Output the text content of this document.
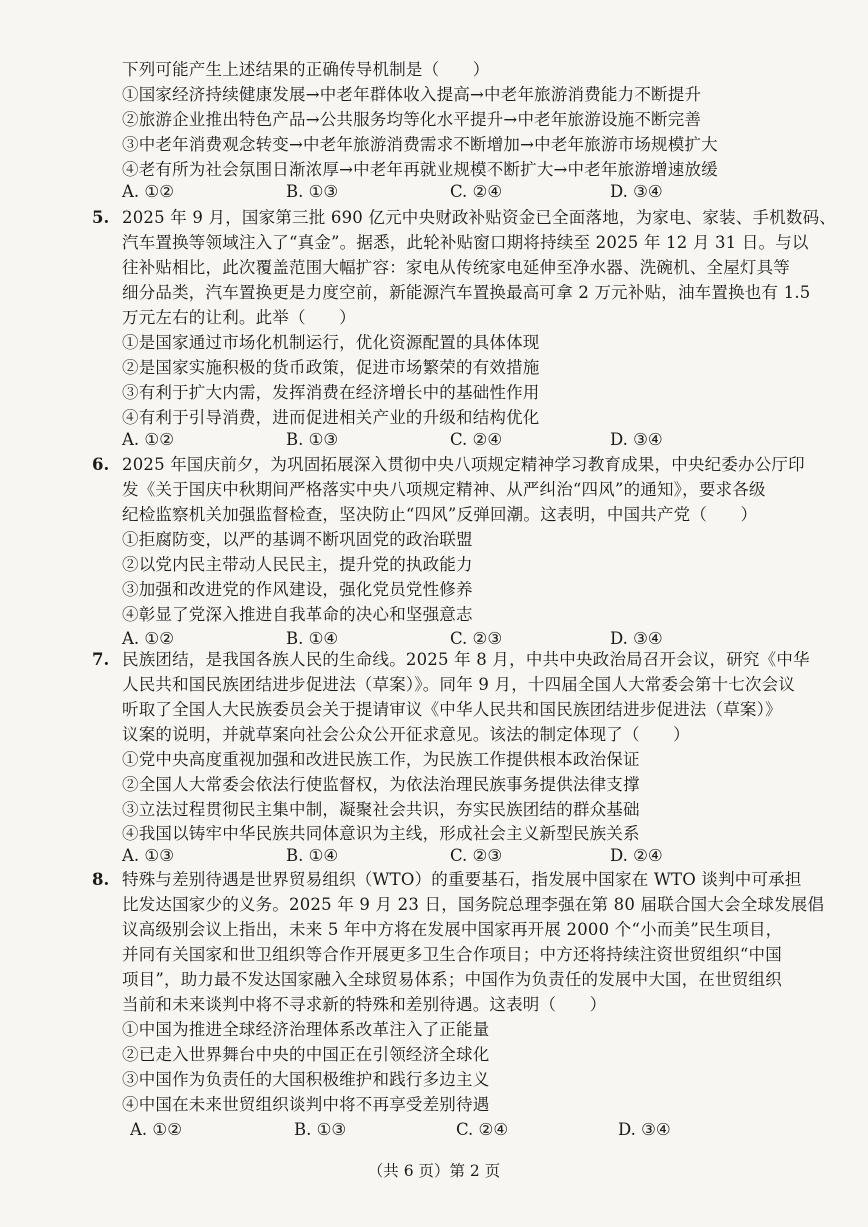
下列可能产生上述结果的正确传导机制是（　　）
①国家经济持续健康发展→中老年群体收入提高→中老年旅游消费能力不断提升
②旅游企业推出特色产品→公共服务均等化水平提升→中老年旅游设施不断完善
③中老年消费观念转变→中老年旅游消费需求不断增加→中老年旅游市场规模扩大
④老有所为社会氛围日渐浓厚→中老年再就业规模不断扩大→中老年旅游增速放缓
A. ①②	B. ①③	C. ②④	D. ③④
5. 2025 年 9 月，国家第三批 690 亿元中央财政补贴资金已全面落地，为家电、家装、手机数码、
汽车置换等领域注入了“真金”。据悉，此轮补贴窗口期将持续至 2025 年 12 月 31 日。与以
往补贴相比，此次覆盖范围大幅扩容：家电从传统家电延伸至净水器、洗碗机、全屋灯具等
细分品类，汽车置换更是力度空前，新能源汽车置换最高可拿 2 万元补贴，油车置换也有 1.5
万元左右的让利。此举（　　）
①是国家通过市场化机制运行，优化资源配置的具体体现
②是国家实施积极的货币政策，促进市场繁荣的有效措施
③有利于扩大内需，发挥消费在经济增长中的基础性作用
④有利于引导消费，进而促进相关产业的升级和结构优化
A. ①②	B. ①③	C. ②④	D. ③④
6. 2025 年国庆前夕，为巩固拓展深入贯彻中央八项规定精神学习教育成果，中央纪委办公厅印
发《关于国庆中秋期间严格落实中央八项规定精神、从严纠治“四风”的通知》，要求各级
纪检监察机关加强监督检查，坚决防止“四风”反弹回潮。这表明，中国共产党（　　）
①拒腐防变，以严的基调不断巩固党的政治联盟
②以党内民主带动人民民主，提升党的执政能力
③加强和改进党的作风建设，强化党员党性修养
④彰显了党深入推进自我革命的决心和坚强意志
A. ①②	B. ①④	C. ②③	D. ③④
7. 民族团结，是我国各族人民的生命线。2025 年 8 月，中共中央政治局召开会议，研究《中华
人民共和国民族团结进步促进法（草案）》。同年 9 月，十四届全国人大常委会第十七次会议
听取了全国人大民族委员会关于提请审议《中华人民共和国民族团结进步促进法（草案）》
议案的说明，并就草案向社会公众公开征求意见。该法的制定体现了（　　）
①党中央高度重视加强和改进民族工作，为民族工作提供根本政治保证
②全国人大常委会依法行使监督权，为依法治理民族事务提供法律支撑
③立法过程贯彻民主集中制，凝聚社会共识，夯实民族团结的群众基础
④我国以铸牢中华民族共同体意识为主线，形成社会主义新型民族关系
A. ①③	B. ①④	C. ②③	D. ②④
8. 特殊与差别待遇是世界贸易组织（WTO）的重要基石，指发展中国家在 WTO 谈判中可承担
比发达国家少的义务。2025 年 9 月 23 日，国务院总理李强在第 80 届联合国大会全球发展倡
议高级别会议上指出，未来 5 年中方将在发展中国家再开展 2000 个“小而美”民生项目，
并同有关国家和世卫组织等合作开展更多卫生合作项目；中方还将持续注资世贸组织“中国
项目”，助力最不发达国家融入全球贸易体系；中国作为负责任的发展中大国，在世贸组织
当前和未来谈判中将不寻求新的特殊和差别待遇。这表明（　　）
①中国为推进全球经济治理体系改革注入了正能量
②已走入世界舞台中央的中国正在引领经济全球化
③中国作为负责任的大国积极维护和践行多边主义
④中国在未来世贸组织谈判中将不再享受差别待遇
A. ①②	B. ①③	C. ②④	D. ③④
（共 6 页）第 2 页
